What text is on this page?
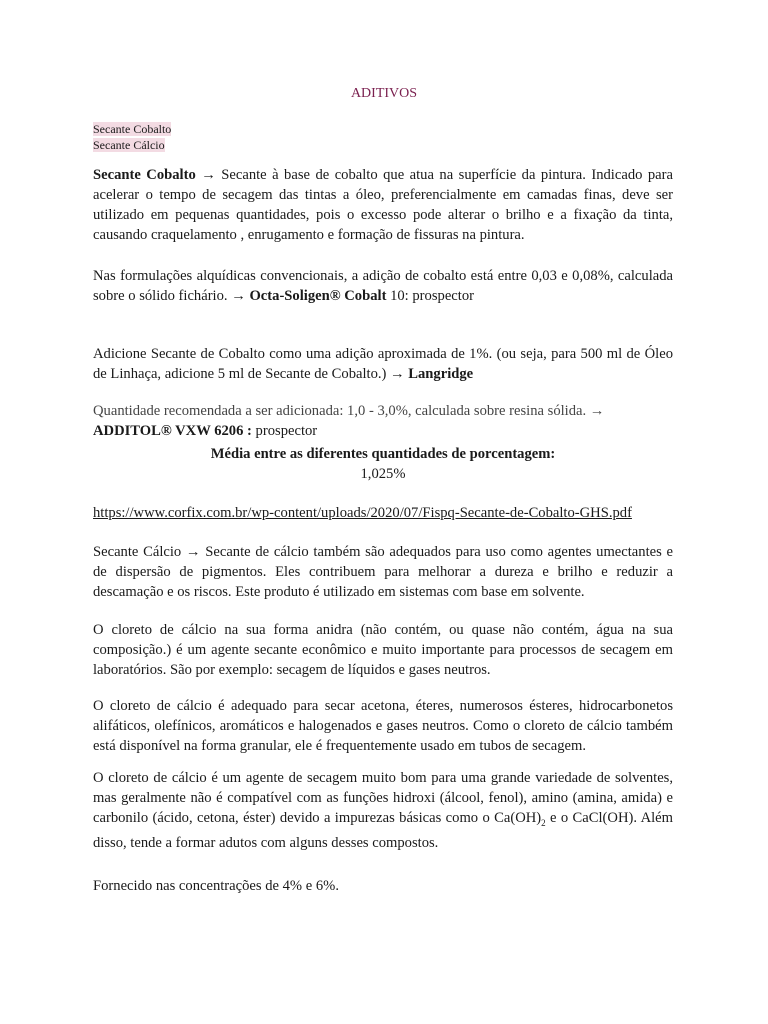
ADITIVOS
Secante Cobalto
Secante Cálcio
Secante Cobalto → Secante à base de cobalto que atua na superfície da pintura. Indicado para acelerar o tempo de secagem das tintas a óleo, preferencialmente em camadas finas, deve ser utilizado em pequenas quantidades, pois o excesso pode alterar o brilho e a fixação da tinta, causando craquelamento , enrugamento e formação de fissuras na pintura.
Nas formulações alquídicas convencionais, a adição de cobalto está entre 0,03 e 0,08%, calculada sobre o sólido fichário. → Octa-Soligen® Cobalt 10: prospector
Adicione Secante de Cobalto como uma adição aproximada de 1%. (ou seja, para 500 ml de Óleo de Linhaça, adicione 5 ml de Secante de Cobalto.) → Langridge
Quantidade recomendada a ser adicionada: 1,0 - 3,0%, calculada sobre resina sólida. →
ADDITOL® VXW 6206 : prospector
Média entre as diferentes quantidades de porcentagem:
1,025%
https://www.corfix.com.br/wp-content/uploads/2020/07/Fispq-Secante-de-Cobalto-GHS.pdf
Secante Cálcio → Secante de cálcio também são adequados para uso como agentes umectantes e de dispersão de pigmentos. Eles contribuem para melhorar a dureza e brilho e reduzir a descamação e os riscos. Este produto é utilizado em sistemas com base em solvente.
O cloreto de cálcio na sua forma anidra (não contém, ou quase não contém, água na sua composição.) é um agente secante econômico e muito importante para processos de secagem em laboratórios. São por exemplo: secagem de líquidos e gases neutros.
O cloreto de cálcio é adequado para secar acetona, éteres, numerosos ésteres, hidrocarbonetos alifáticos, olefínicos, aromáticos e halogenados e gases neutros. Como o cloreto de cálcio também está disponível na forma granular, ele é frequentemente usado em tubos de secagem.
O cloreto de cálcio é um agente de secagem muito bom para uma grande variedade de solventes, mas geralmente não é compatível com as funções hidroxi (álcool, fenol), amino (amina, amida) e carbonilo (ácido, cetona, éster) devido a impurezas básicas como o $Ca(OH)_2$ e o CaCl(OH). Além disso, tende a formar adutos com alguns desses compostos.
Fornecido nas concentrações de 4% e 6%.
